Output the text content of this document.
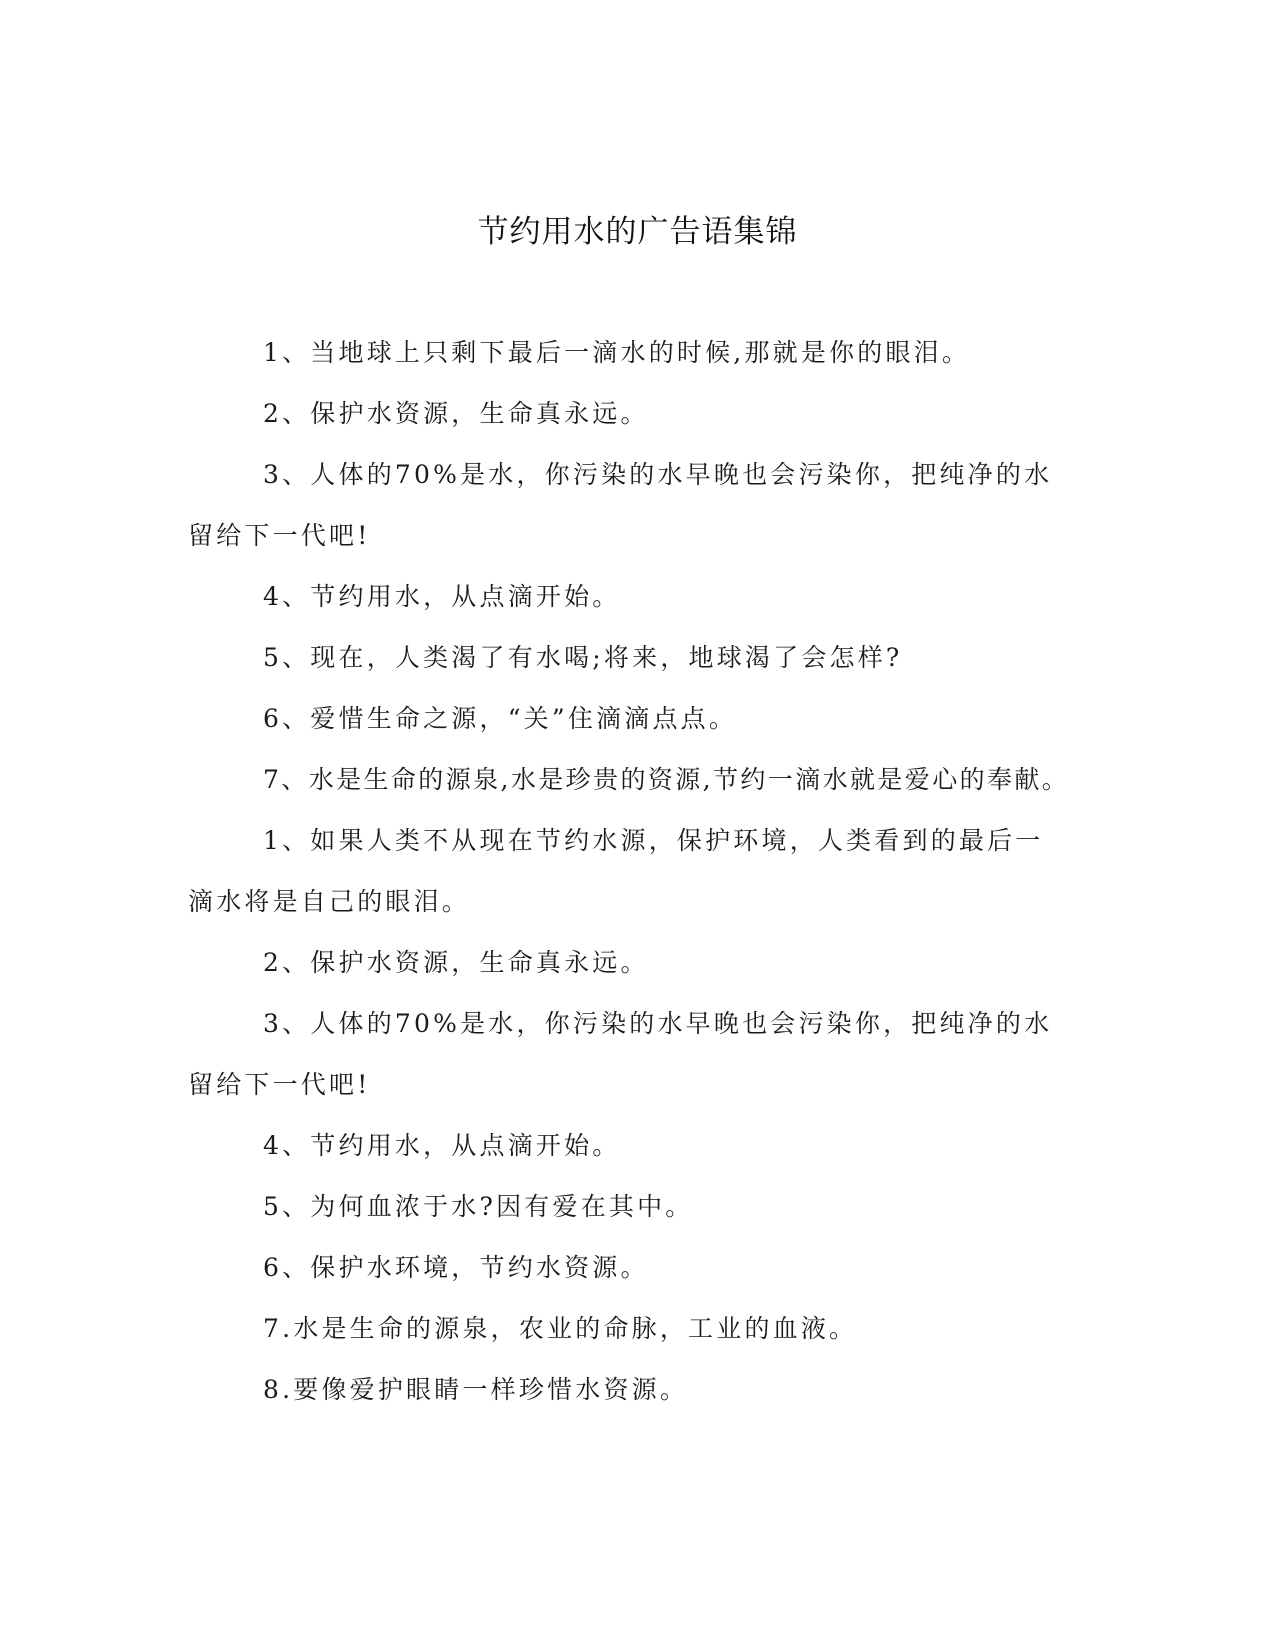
节约用水的广告语集锦

1、当地球上只剩下最后一滴水的时候,那就是你的眼泪。

2、保护水资源，生命真永远。

3、人体的70%是水，你污染的水早晚也会污染你，把纯净的水留给下一代吧!

4、节约用水，从点滴开始。

5、现在，人类渴了有水喝;将来，地球渴了会怎样?

6、爱惜生命之源，“关”住滴滴点点。

7、水是生命的源泉,水是珍贵的资源,节约一滴水就是爱心的奉献。

1、如果人类不从现在节约水源，保护环境，人类看到的最后一滴水将是自己的眼泪。

2、保护水资源，生命真永远。

3、人体的70%是水，你污染的水早晚也会污染你，把纯净的水留给下一代吧!

4、节约用水，从点滴开始。

5、为何血浓于水?因有爱在其中。

6、保护水环境，节约水资源。

7.水是生命的源泉，农业的命脉，工业的血液。

8.要像爱护眼睛一样珍惜水资源。
